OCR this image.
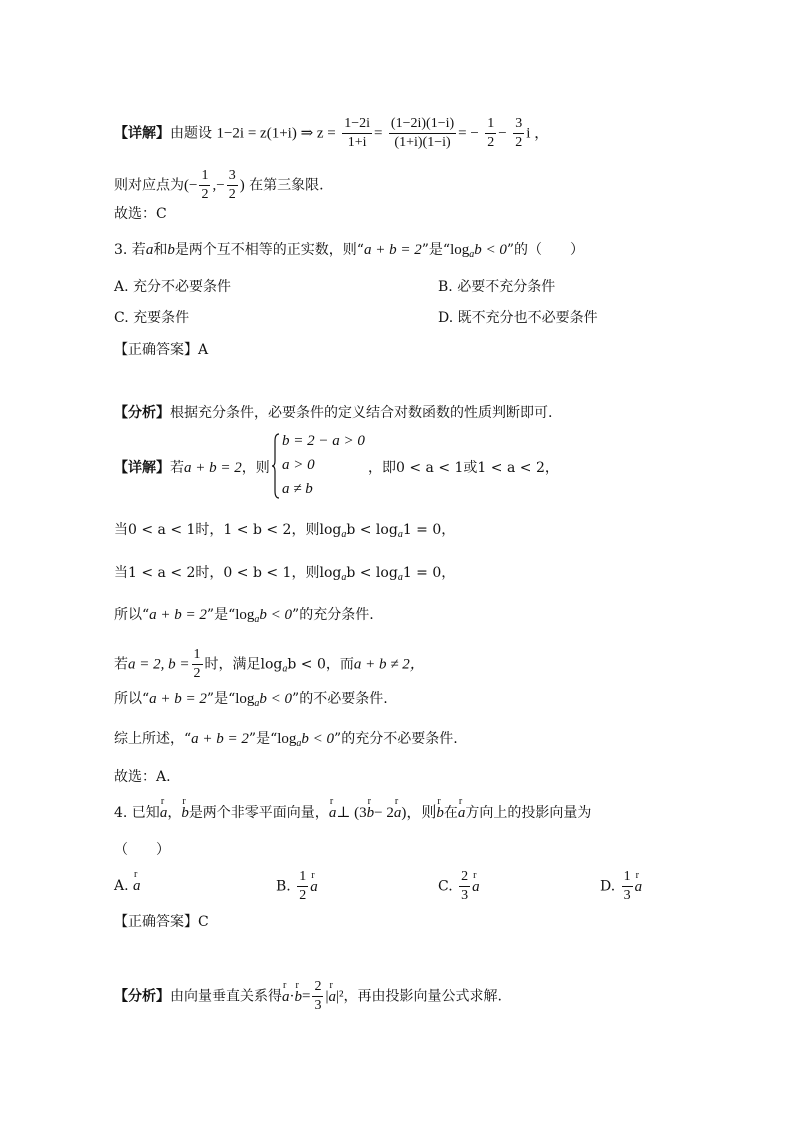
【详解】由题设 1−2i = z(1+i) ⇒ $z = \frac{1-2i}{1+i} = \frac{(1-2i)(1-i)}{(1+i)(1-i)}$ = − $\frac{1}{2} - \frac{3}{2}$ i ，
则对应点为(− $\frac{1}{2}$ ,− $\frac{3}{2}$ ) 在第三象限.
故选：C
3. 若a和b是两个互不相等的正实数，则“a + b = 2”是“$\log_ab < 0$”的（　　）
A. 充分不必要条件	B. 必要不充分条件
C. 充要条件	D. 既不充分也不必要条件
【正确答案】A
【分析】根据充分条件，必要条件的定义结合对数函数的性质判断即可.
【详解】若a + b = 2，则
b = 2 − a > 0
a > 0
a ≠ b
，即0 < a < 1或1 < a < 2，
当0 < a < 1时，1 < b < 2，则$\log_ab < \log_a1 = 0$，
当1 < a < 2时，0 < b < 1，则$\log_ab < \log_a1 = 0$，
所以“a + b = 2”是“$\log_ab < 0$”的充分条件.
若a = 2, $b = \frac{1}{2}$ 时，满足$\log_ab < 0$，而a + b ≠ 2，
所以“a + b = 2”是“$\log_ab < 0$”的不必要条件.
综上所述，“a + b = 2”是“$\log_ab < 0$”的充分不必要条件.
故选：A.
4. 已知r a，r b是两个非零平面向量，r a⊥ (3r b− 2r a)，则r b在r a方向上的投影向量为
（　　）
A. r a	B. $\frac{1}{2}$ r a	C. $\frac{2}{3}$ r a	D. $\frac{1}{3}$ r a
【正确答案】C
【分析】由向量垂直关系得r a·r $b= \frac{2}{3} |r$ a|²，再由投影向量公式求解.
